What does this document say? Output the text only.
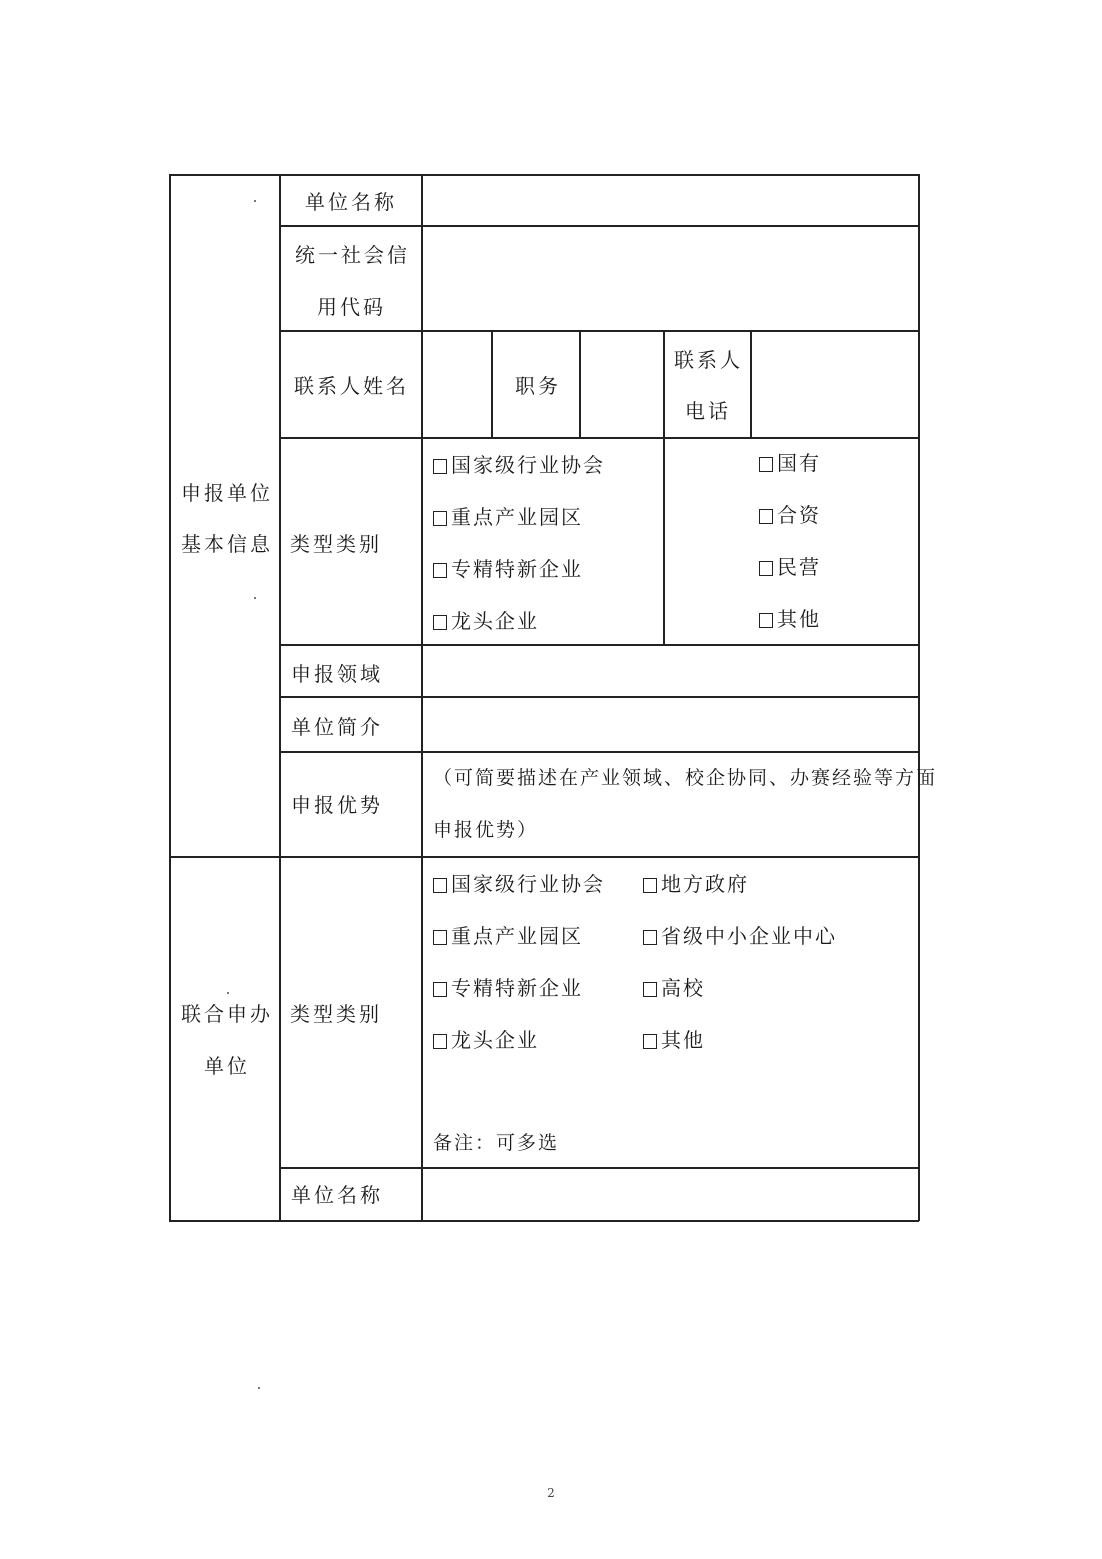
申报单位
基本信息
单位名称
统一社会信
用代码
联系人姓名	职务
联系人
电话
类型类别
国家级行业协会
重点产业园区
专精特新企业
龙头企业
国有
合资
民营
其他
申报领域
单位简介
申报优势
（可简要描述在产业领域、校企协同、办赛经验等方面
申报优势）
联合申办
单位
类型类别
国家级行业协会
重点产业园区
专精特新企业
龙头企业
地方政府
省级中小企业中心
高校
其他
备注：可多选
单位名称
2
